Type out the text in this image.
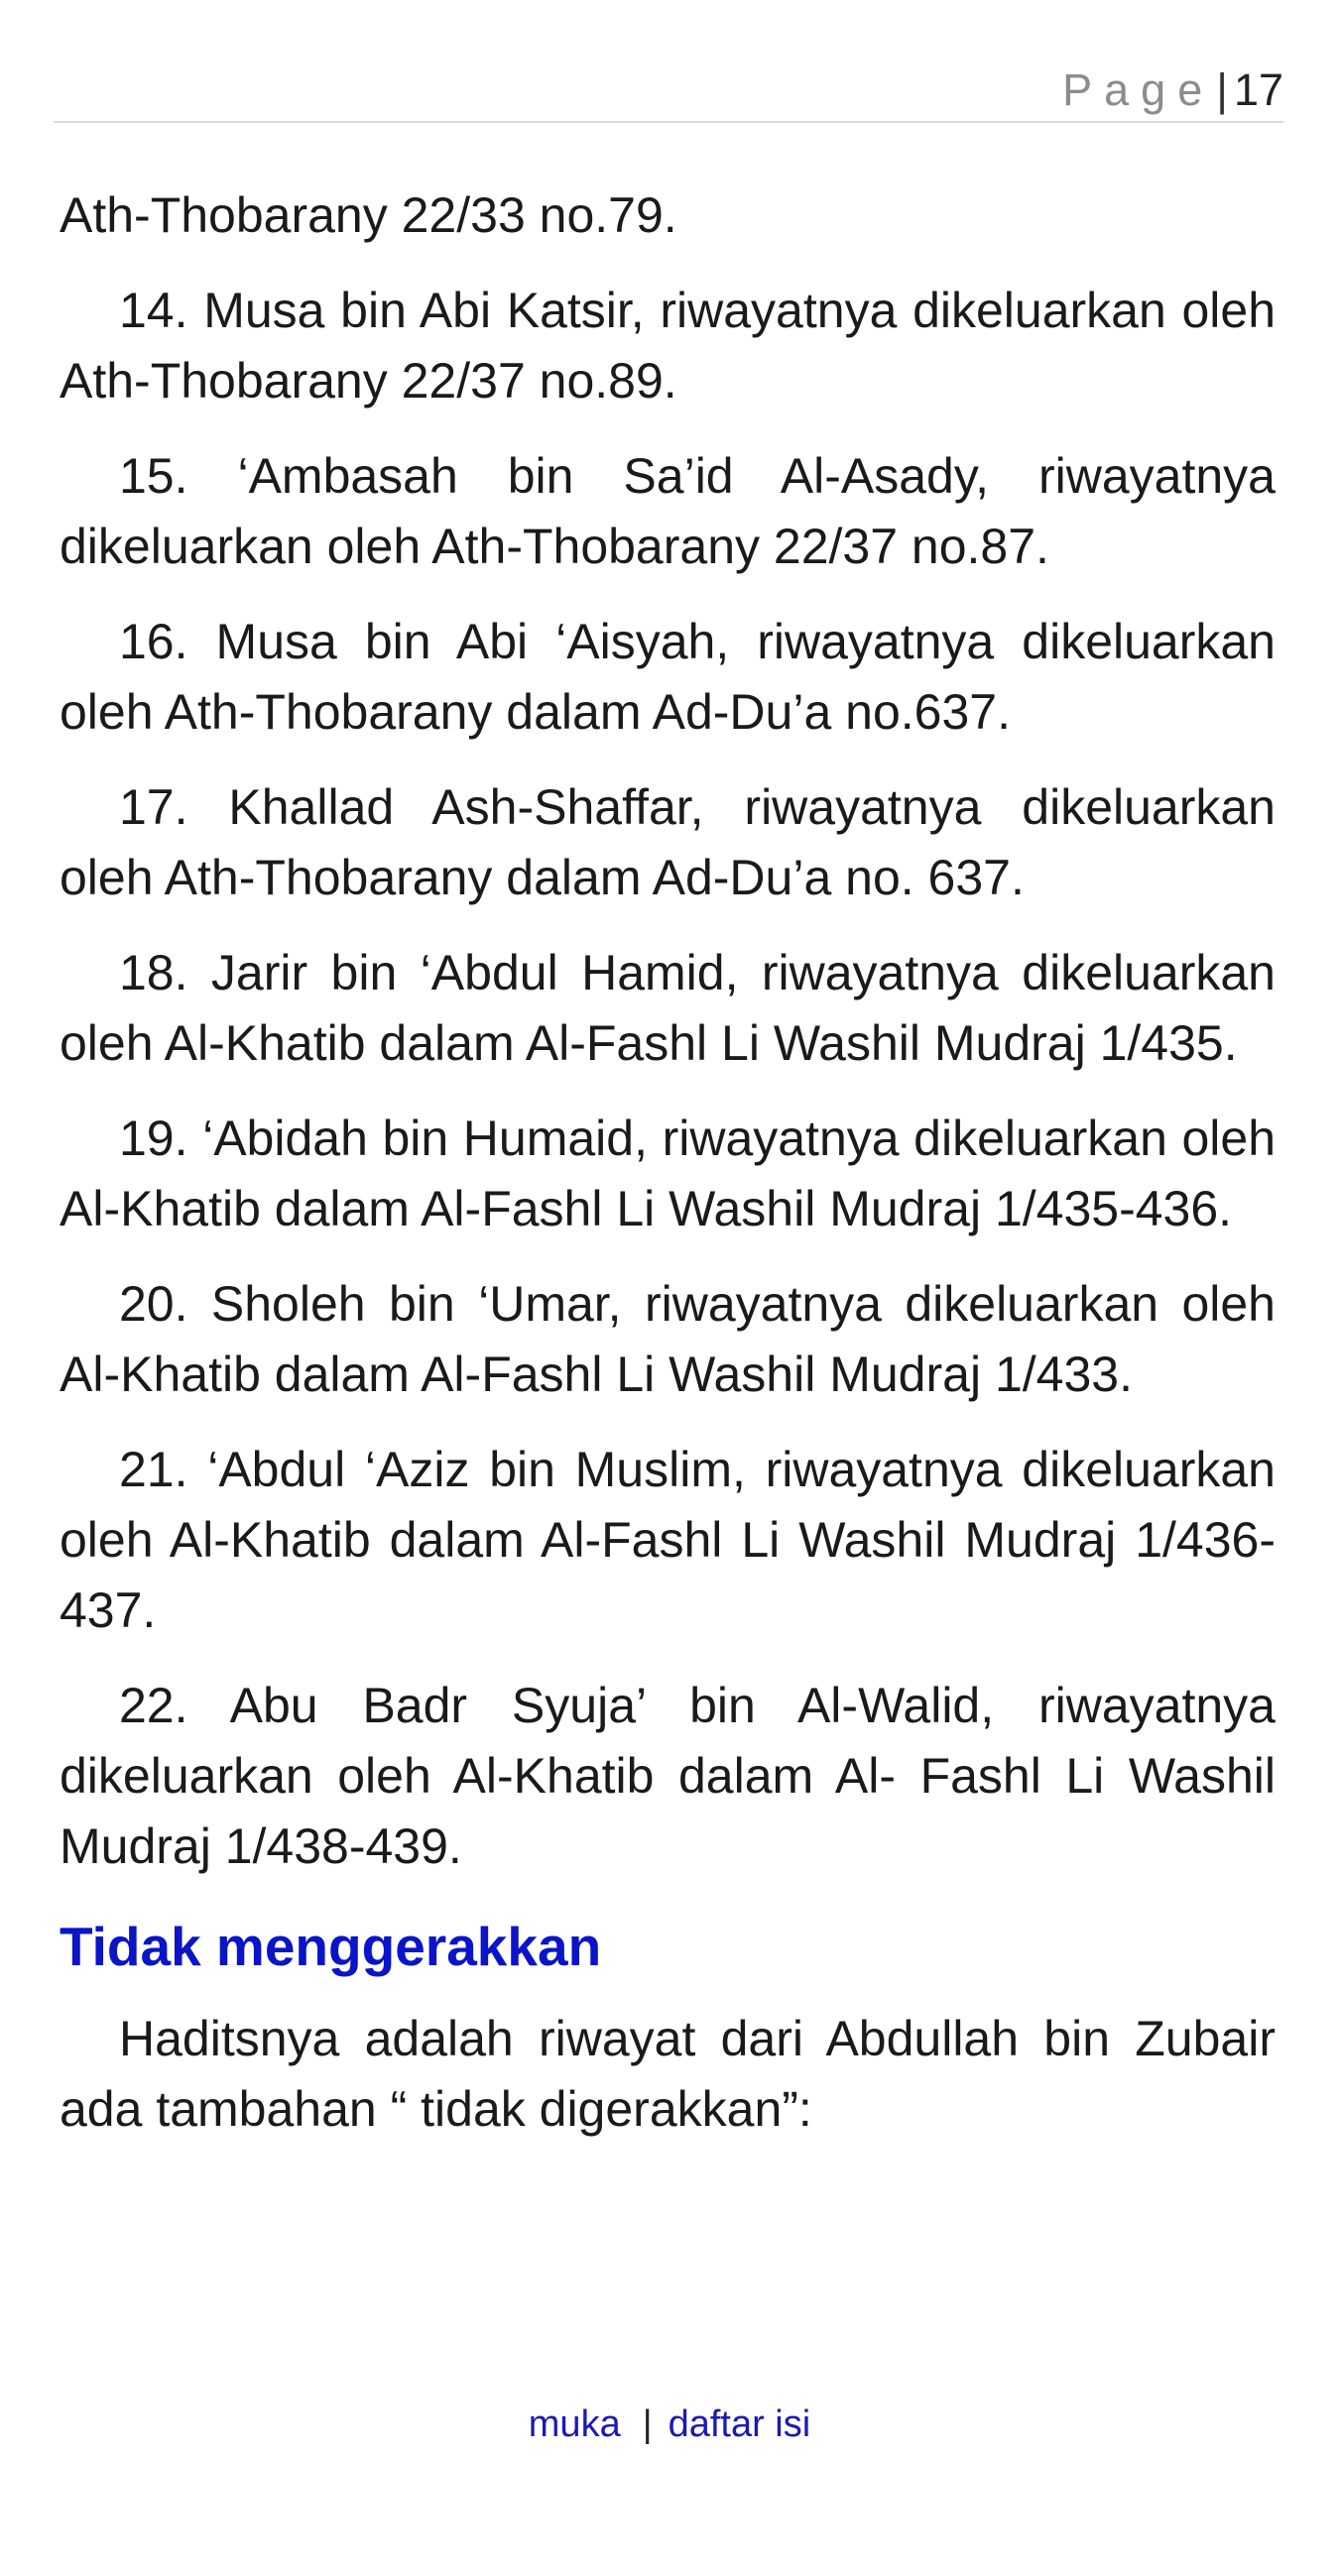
Page| 17

Ath-Thobarany 22/33 no.79.

14. Musa bin Abi Katsir, riwayatnya dikeluarkan oleh Ath-Thobarany 22/37 no.89.

15. ‘Ambasah bin Sa’id Al-Asady, riwayatnya dikeluarkan oleh Ath-Thobarany 22/37 no.87.

16. Musa bin Abi ‘Aisyah, riwayatnya dikeluarkan oleh Ath-Thobarany dalam Ad-Du’a no.637.

17. Khallad Ash-Shaffar, riwayatnya dikeluarkan oleh Ath-Thobarany dalam Ad-Du’a no. 637.

18. Jarir bin ‘Abdul Hamid, riwayatnya dikeluarkan oleh Al-Khatib dalam Al-Fashl Li Washil Mudraj 1/435.

19. ‘Abidah bin Humaid, riwayatnya dikeluarkan oleh Al-Khatib dalam Al-Fashl Li Washil Mudraj 1/435-436.

20. Sholeh bin ‘Umar, riwayatnya dikeluarkan oleh Al-Khatib dalam Al-Fashl Li Washil Mudraj 1/433.

21. ‘Abdul ‘Aziz bin Muslim, riwayatnya dikeluarkan oleh Al-Khatib dalam Al-Fashl Li Washil Mudraj 1/436-437.

22. Abu Badr Syuja’ bin Al-Walid, riwayatnya dikeluarkan oleh Al-Khatib dalam Al- Fashl Li Washil Mudraj 1/438-439.

Tidak menggerakkan

Haditsnya adalah riwayat dari Abdullah bin Zubair ada tambahan “ tidak digerakkan”:

muka | daftar isi
